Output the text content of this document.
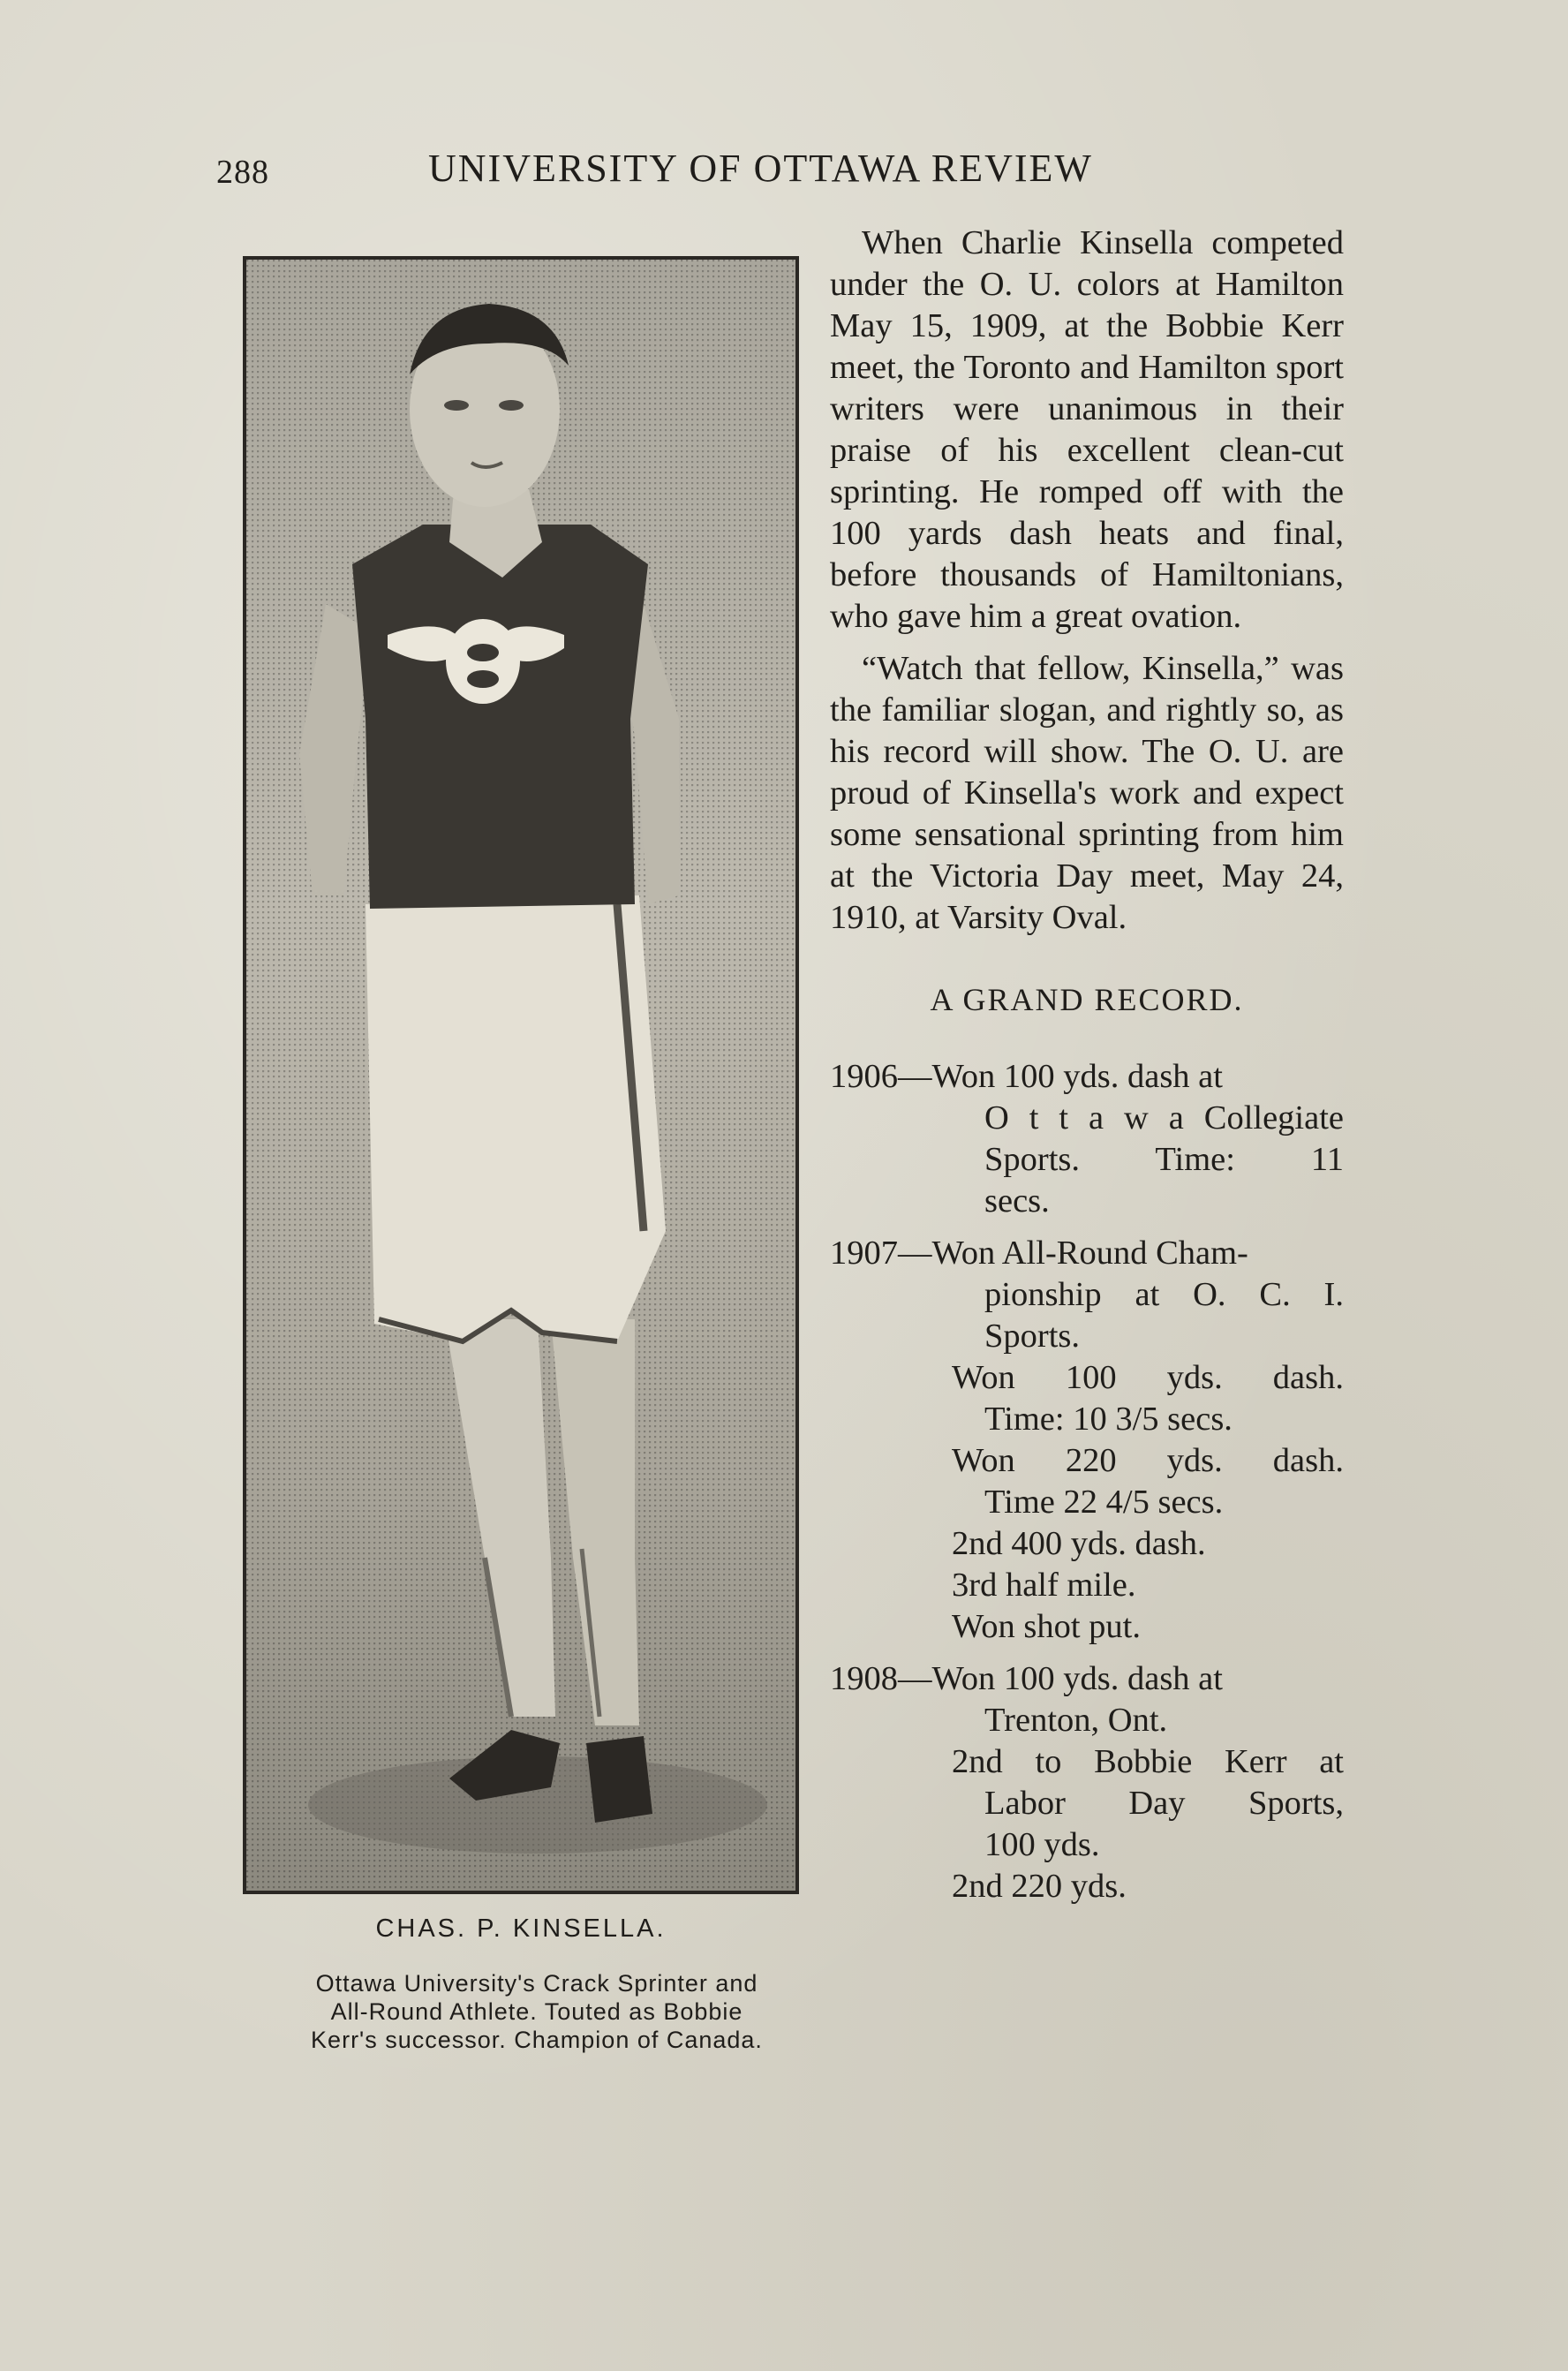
288	UNIVERSITY OF OTTAWA REVIEW
CHAS. P. KINSELLA.
Ottawa University's Crack Sprinter and
All-Round Athlete. Touted as Bobbie
Kerr's successor. Champion of Canada.

When Charlie Kinsella competed under the O. U. colors at Hamilton May 15, 1909, at the Bobbie Kerr meet, the Toronto and Hamilton sport writers were unanimous in their praise of his excellent clean-cut sprinting. He romped off with the 100 yards dash heats and final, before thousands of Hamiltonians, who gave him a great ovation.

“Watch that fellow, Kinsella,” was the familiar slogan, and rightly so, as his record will show. The O. U. are proud of Kinsella's work and expect some sensational sprinting from him at the Victoria Day meet, May 24, 1910, at Varsity Oval.

A GRAND RECORD.
1906—Won 100 yds. dash at
O t t a w a Collegiate
Sports. Time: 11
secs.
1907—Won All-Round Cham-
pionship at O. C. I.
Sports.
Won 100 yds. dash.
Time: 10 3/5 secs.
Won 220 yds. dash.
Time 22 4/5 secs.
2nd 400 yds. dash.
3rd half mile.
Won shot put.
1908—Won 100 yds. dash at
Trenton, Ont.
2nd to Bobbie Kerr at
Labor Day Sports,
100 yds.
2nd 220 yds.
